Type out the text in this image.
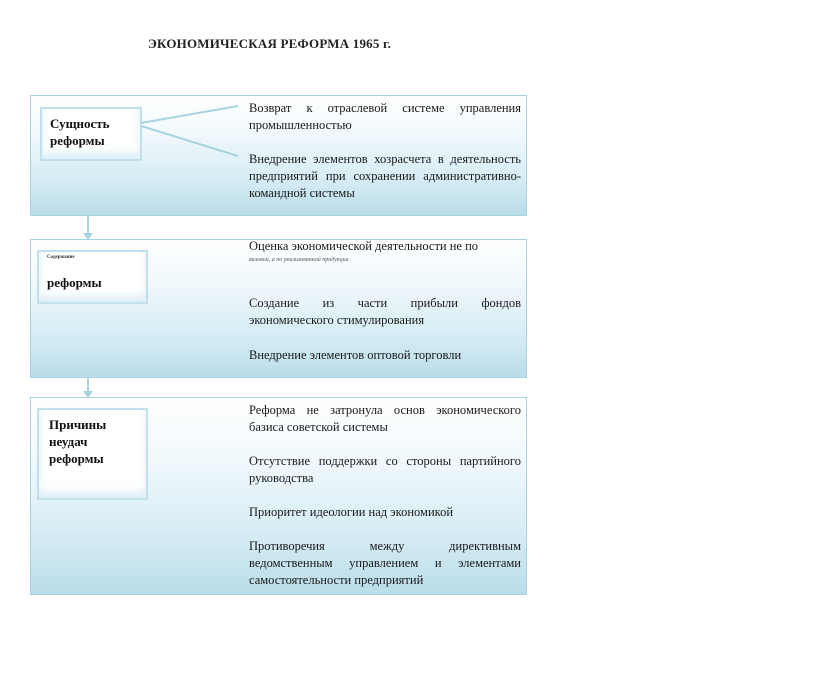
ЭКОНОМИЧЕСКАЯ РЕФОРМА 1965 г.
Сущность реформы
Возврат к отраслевой системе управления промышленностью
Внедрение элементов хозрасчета в деятельность предприятий при сохранении административно-командной системы
Содержание
реформы
Оценка экономической деятельности не по
валовой, а по реализованной продукции
Создание из части прибыли фондов экономического стимулирования
Внедрение элементов оптовой торговли
Причины неудач реформы
Реформа не затронула основ экономического базиса советской системы
Отсутствие поддержки со стороны партийного руководства
Приоритет идеологии над экономикой
Противоречия между директивным ведомственным управлением и элементами самостоятельности предприятий
